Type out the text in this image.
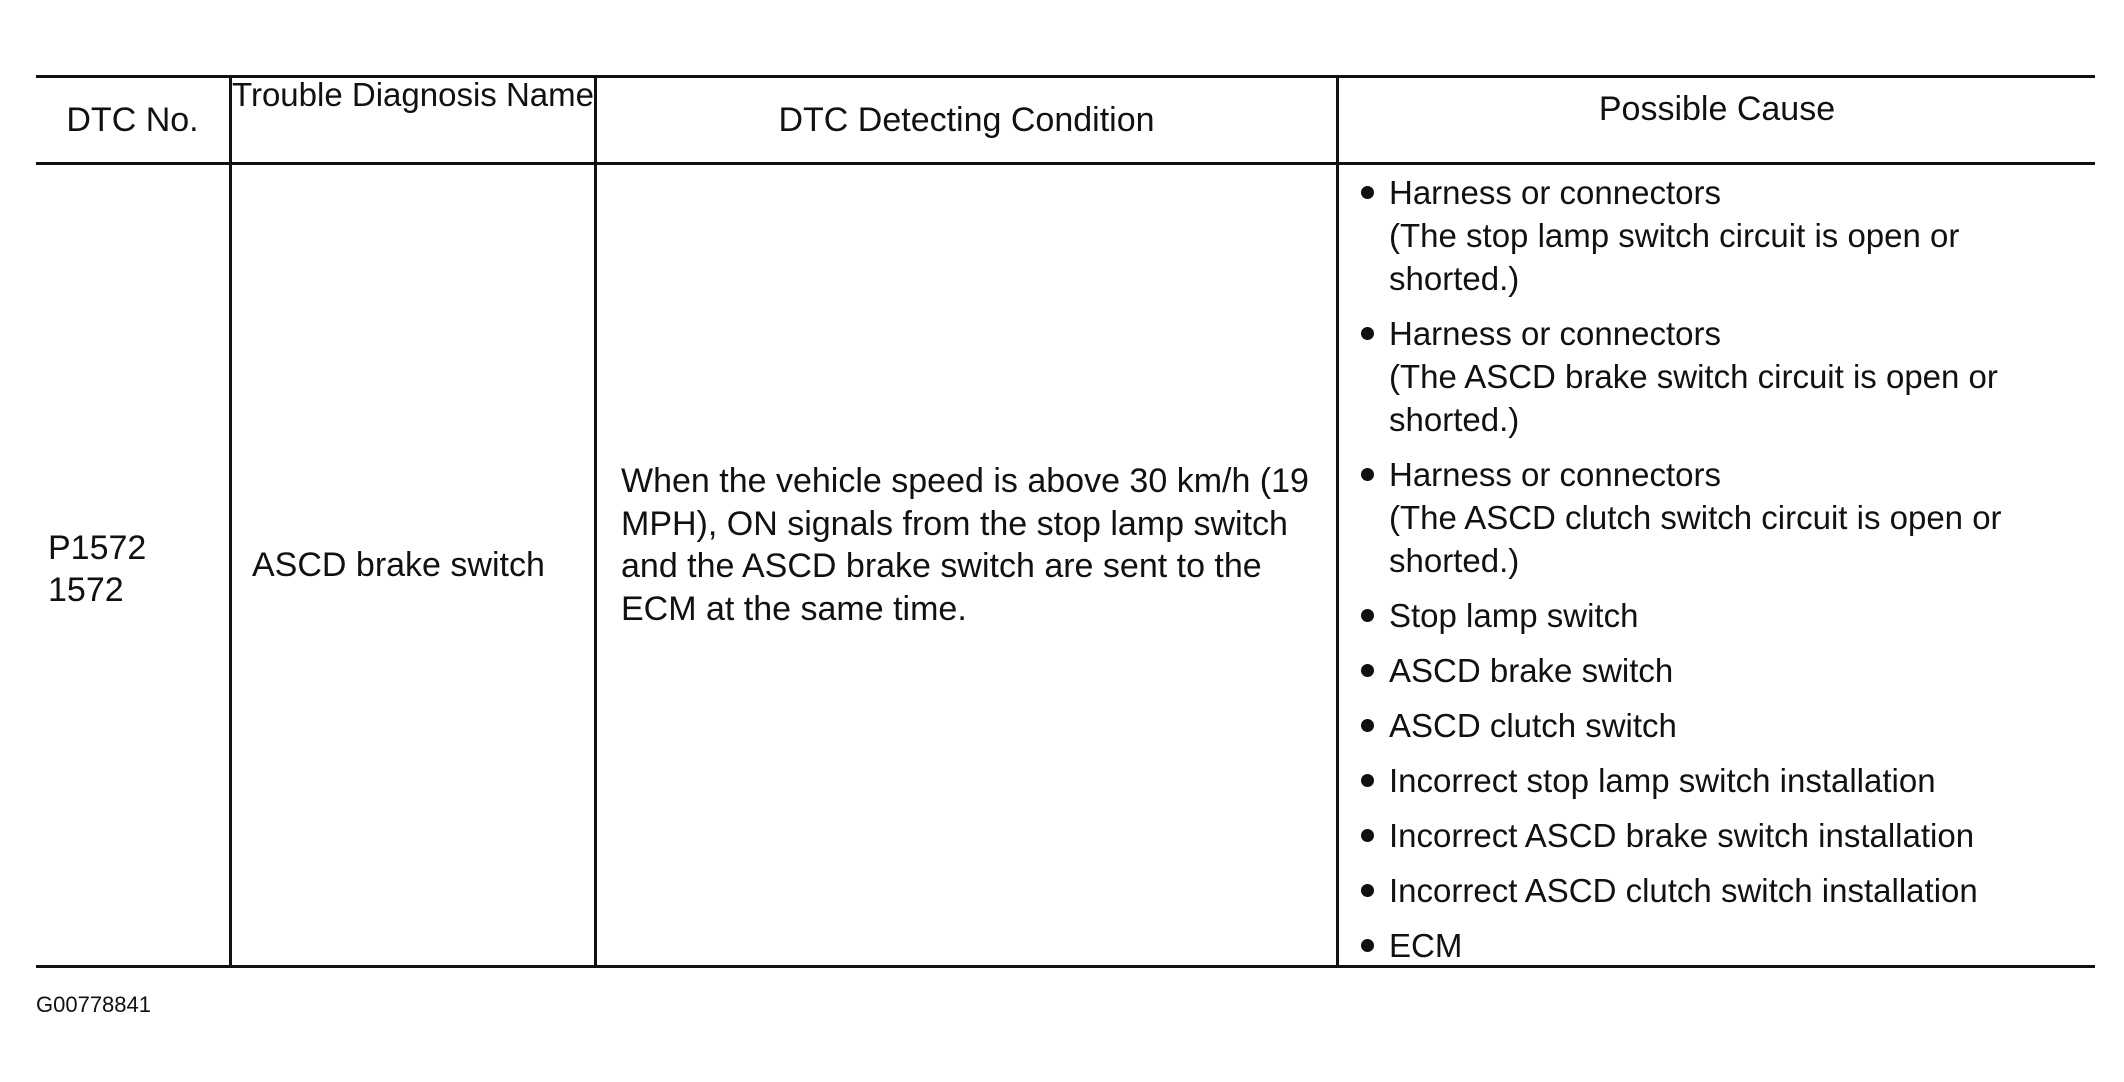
DTC No.
Trouble Diagnosis Name
DTC Detecting Condition	Possible Cause
P1572
1572
ASCD brake switch
When the vehicle speed is above 30 km/h (19 MPH), ON signals from the stop lamp switch and the ASCD brake switch are sent to the ECM at the same time.
Harness or connectors
(The stop lamp switch circuit is open or shorted.)
Harness or connectors
(The ASCD brake switch circuit is open or shorted.)
Harness or connectors
(The ASCD clutch switch circuit is open or shorted.)
Stop lamp switch
ASCD brake switch
ASCD clutch switch
Incorrect stop lamp switch installation
Incorrect ASCD brake switch installation
Incorrect ASCD clutch switch installation
ECM
G00778841
